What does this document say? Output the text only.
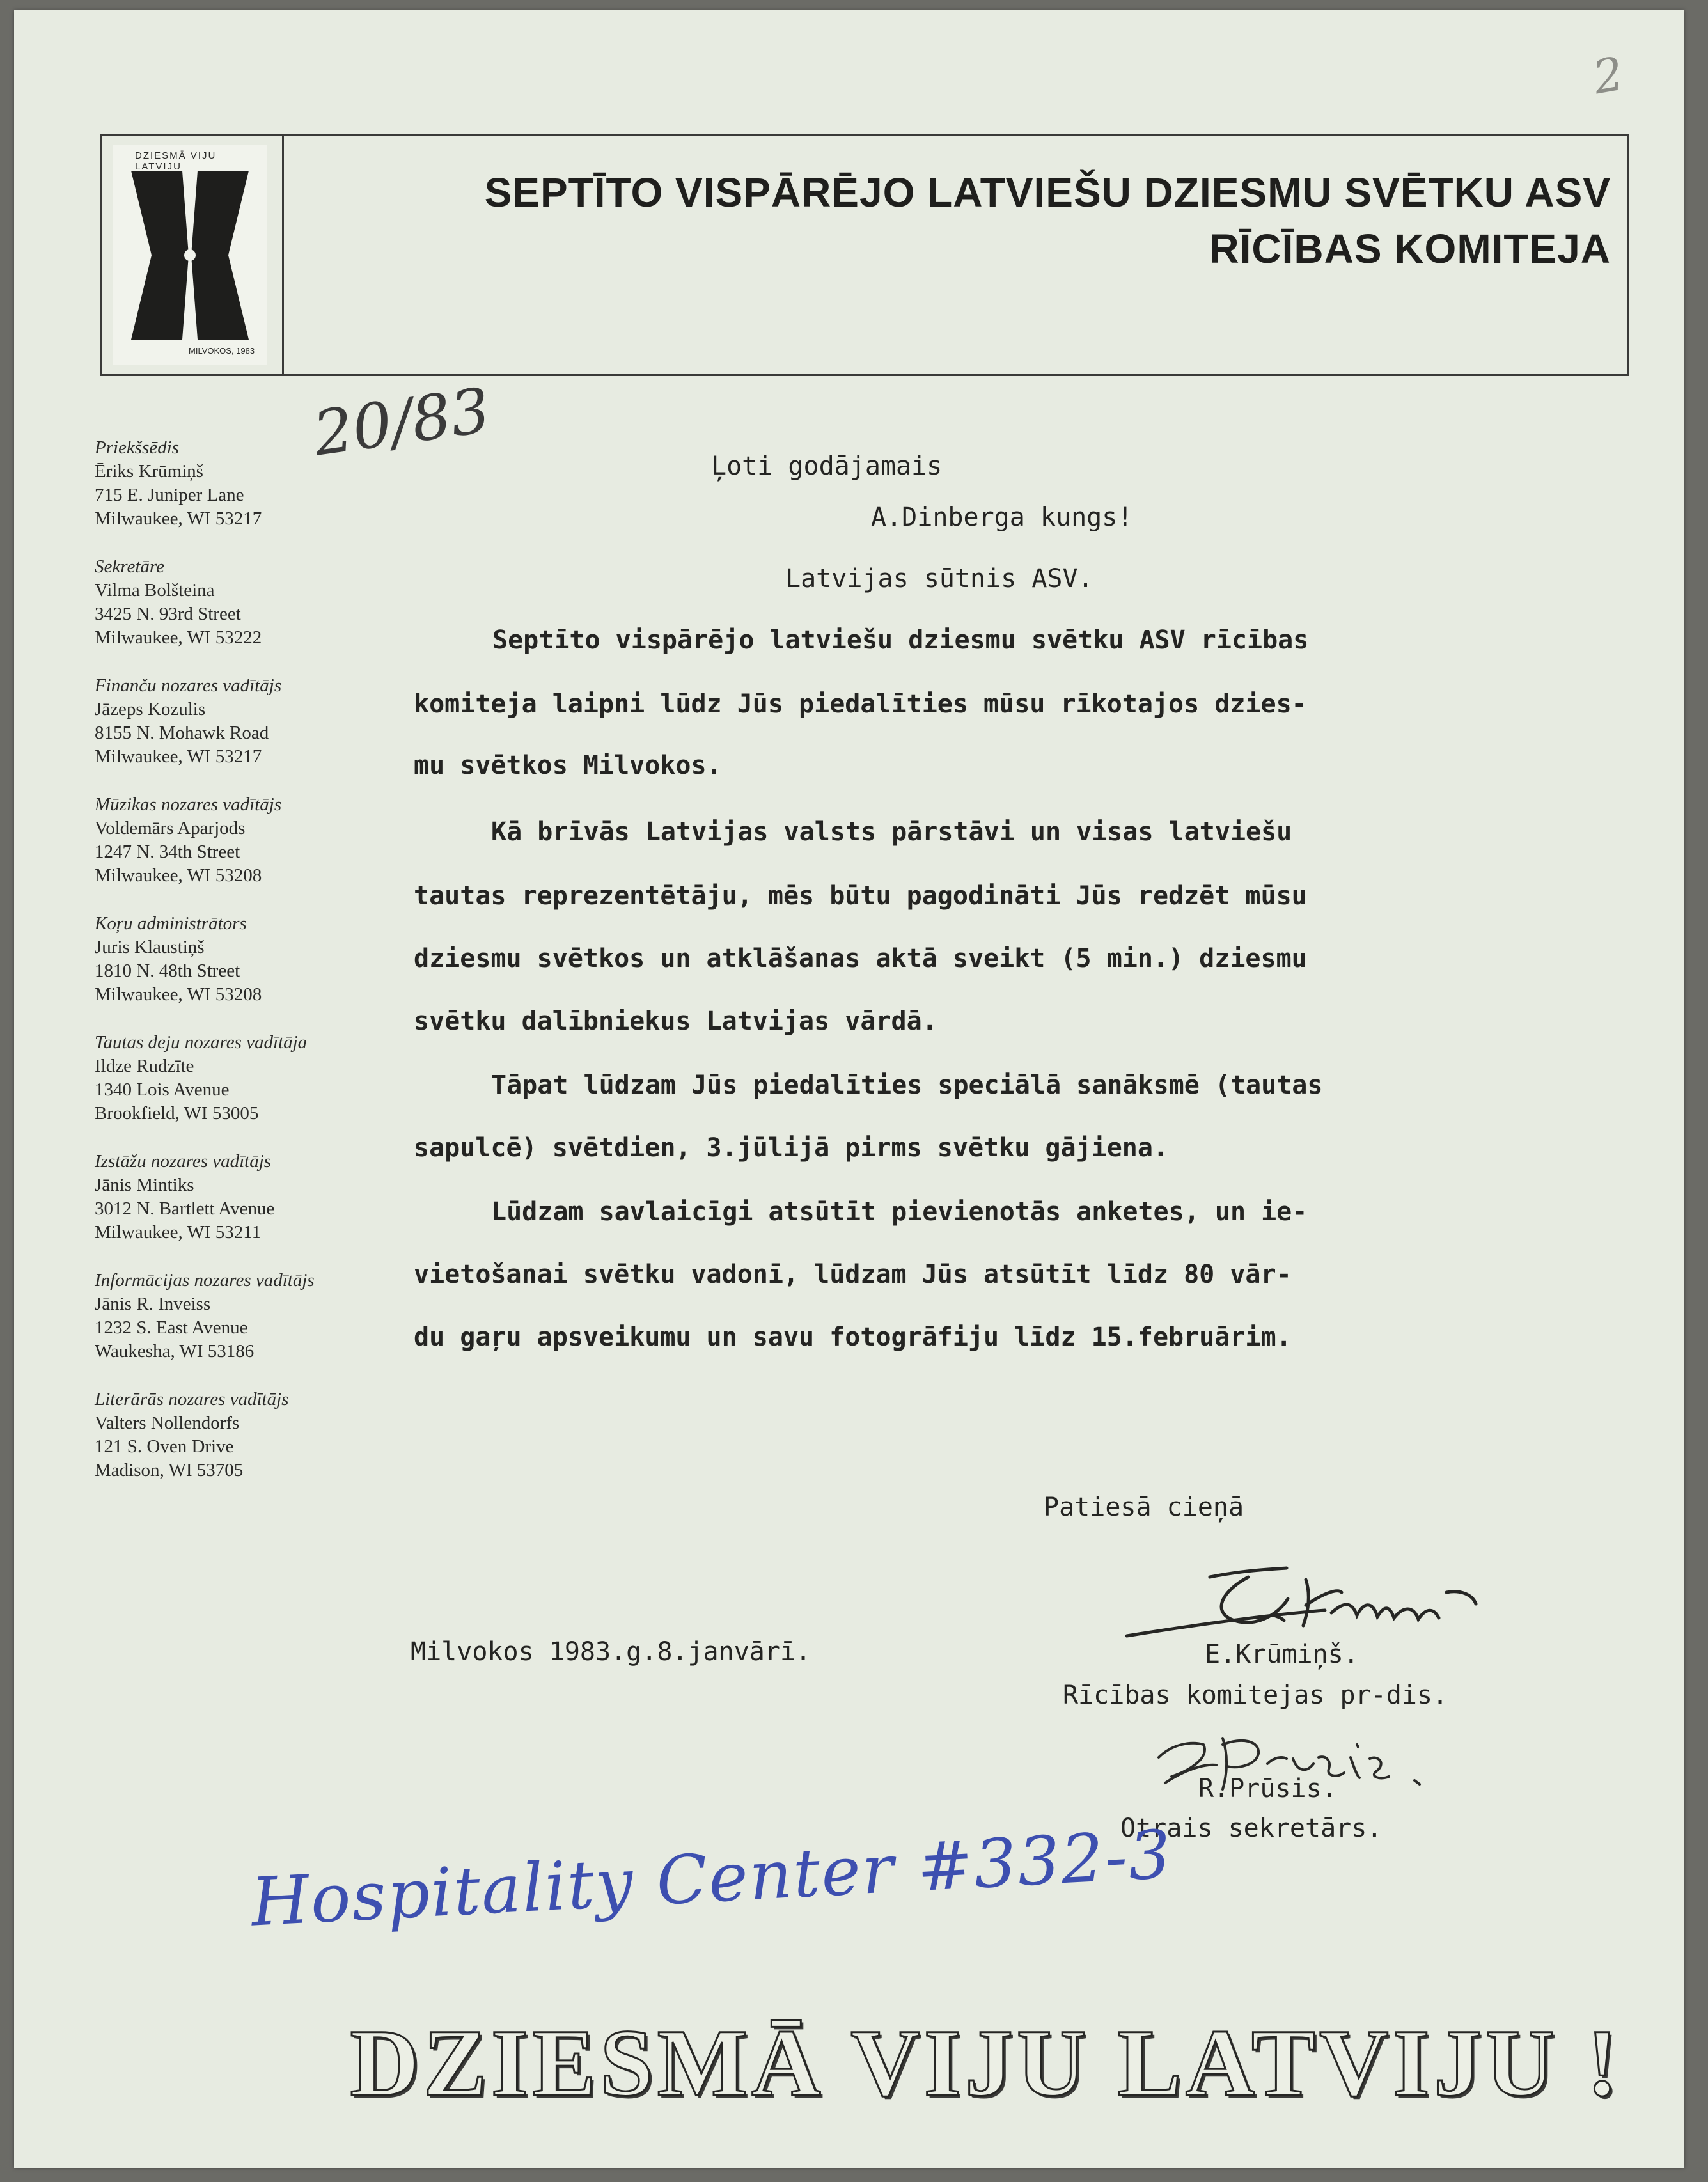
2
DZIESMĀ VIJU LATVIJU
MILVOKOS, 1983
SEPTĪTO VISPĀRĒJO LATVIEŠU DZIESMU SVĒTKU ASV
RĪCĪBAS KOMITEJA
Priekšsēdis
Ēriks Krūmiņš
715 E. Juniper Lane
Milwaukee, WI 53217
Sekretāre
Vilma Bolšteina
3425 N. 93rd Street
Milwaukee, WI 53222
Finanču nozares vadītājs
Jāzeps Kozulis
8155 N. Mohawk Road
Milwaukee, WI 53217
Mūzikas nozares vadītājs
Voldemārs Aparjods
1247 N. 34th Street
Milwaukee, WI 53208
Koŗu administrātors
Juris Klaustiņš
1810 N. 48th Street
Milwaukee, WI 53208
Tautas deju nozares vadītāja
Ildze Rudzīte
1340 Lois Avenue
Brookfield, WI 53005
Izstāžu nozares vadītājs
Jānis Mintiks
3012 N. Bartlett Avenue
Milwaukee, WI 53211
Informācijas nozares vadītājs
Jānis R. Inveiss
1232 S. East Avenue
Waukesha, WI 53186
Literārās nozares vadītājs
Valters Nollendorfs
121 S. Oven Drive
Madison, WI 53705
20/83	Ļoti godājamais
A.Dinberga kungs!
Latvijas sūtnis ASV.
Septīto vispārējo latviešu dziesmu svētku ASV rīcības
komiteja laipni lūdz Jūs piedalīties mūsu rīkotajos dzies-
mu svētkos Milvokos.
Kā brīvās Latvijas valsts pārstāvi un visas latviešu
tautas reprezentētāju, mēs būtu pagodināti Jūs redzēt mūsu
dziesmu svētkos un atklāšanas aktā sveikt (5 min.) dziesmu
svētku dalībniekus Latvijas vārdā.
Tāpat lūdzam Jūs piedalīties speciālā sanāksmē (tautas
sapulcē) svētdien, 3.jūlijā pirms svētku gājiena.
Lūdzam savlaicīgi atsūtīt pievienotās anketes, un ie-
vietošanai svētku vadonī, lūdzam Jūs atsūtīt līdz 80 vār-
du gaŗu apsveikumu un savu fotogrāfiju līdz 15.februārim.
Patiesā cieņā
E.Krūmiņš.
Rīcības komitejas pr-dis.
Milvokos 1983.g.8.janvārī.
R.Prūsis.
Otrais sekretārs.
Hospitality Center #332-3
DZIESMĀ VIJU LATVIJU !
